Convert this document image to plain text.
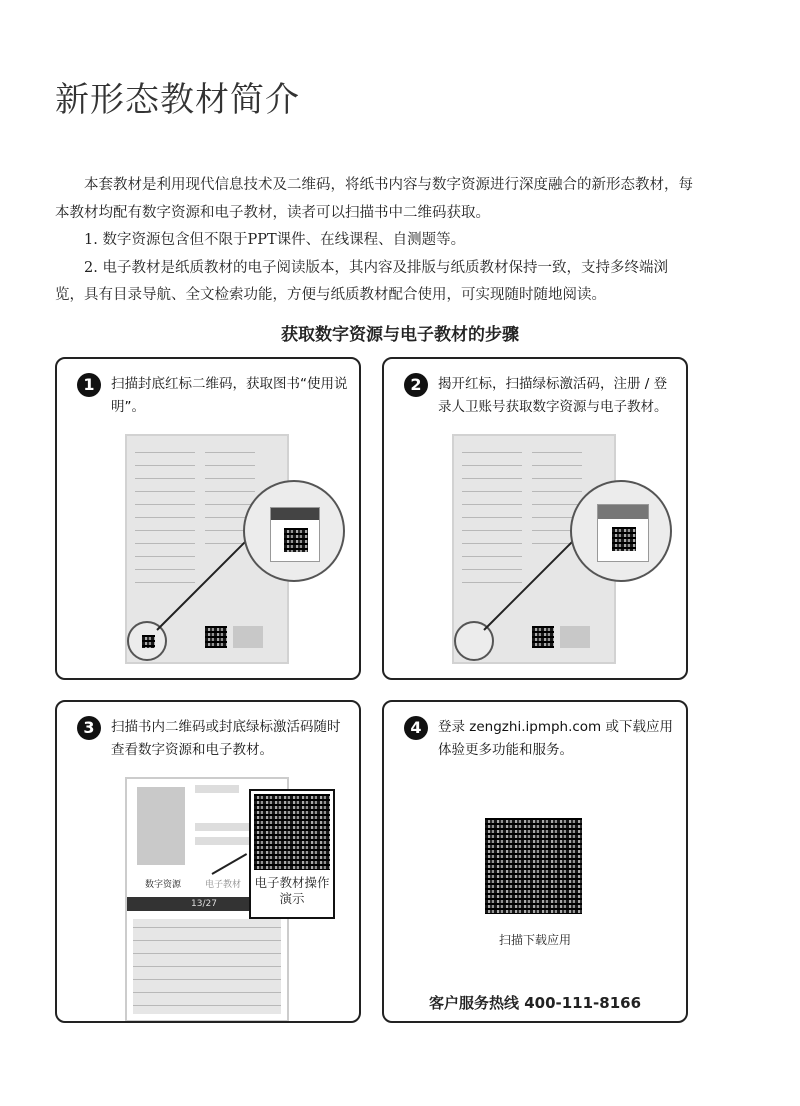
新形态教材简介

本套教材是利用现代信息技术及二维码，将纸书内容与数字资源进行深度融合的新形态教材，每本教材均配有数字资源和电子教材，读者可以扫描书中二维码获取。

1. 数字资源包含但不限于PPT课件、在线课程、自测题等。

2. 电子教材是纸质教材的电子阅读版本，其内容及排版与纸质教材保持一致，支持多终端浏览，具有目录导航、全文检索功能，方便与纸质教材配合使用，可实现随时随地阅读。

获取数字资源与电子教材的步骤
1	扫描封底红标二维码，获取图书“使用说明”。
2	揭开红标，扫描绿标激活码，注册 / 登录人卫账号获取数字资源与电子教材。
3	扫描书内二维码或封底绿标激活码随时查看数字资源和电子教材。
数字资源	电子教材
13/27
电子教材操作演示
4	登录 zengzhi.ipmph.com 或下载应用体验更多功能和服务。
扫描下载应用
客户服务热线 400-111-8166
